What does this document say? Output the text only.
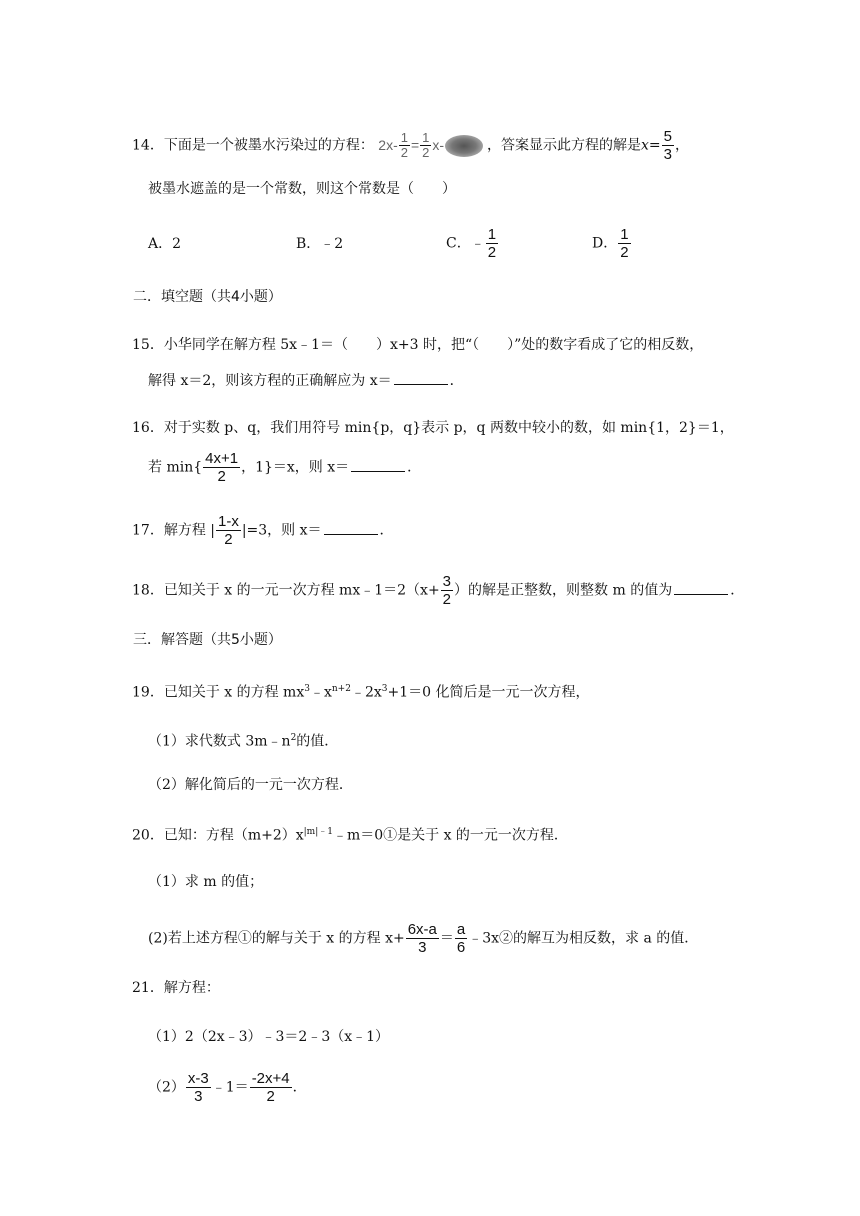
14．下面是一个被墨水污染过的方程： $2x- \frac{1}{2} = \frac{1}{2} x-$	，答案显示此方程的解是$x= \frac{5}{3}$ ，
被墨水遮盖的是一个常数，则这个常数是（　　）
A．2	B．﹣2	C．﹣ $\frac{1}{2}$	D． $\frac{1}{2}$
二．填空题（共4小题）
15．小华同学在解方程 5x﹣1＝（　　）x+3 时，把“（　　）”处的数字看成了它的相反数，
解得 x＝2，则该方程的正确解应为 x＝	．
16．对于实数 p、q，我们用符号 min{p，q}表示 p，q 两数中较小的数，如 min{1，2}＝1，
若 $\min\{ \frac{4x+1}{2}$ ，1}＝x，则 x＝	．
17．解方程 | $\frac{1-x}{2} |=3$，则 x＝	．
18．已知关于 x 的一元一次方程 mx﹣1＝2（x+ $\frac{3}{2}$ ）的解是正整数，则整数 m 的值为	．
三．解答题（共5小题）
19．已知关于 x 的方程 $mx^3﹣x^{n+2}﹣2x^3+1=0$ 化简后是一元一次方程，
（1）求代数式 $3m﹣n^2$的值．
（2）解化简后的一元一次方程．
20．已知：方程$(m+2)x^{|m|﹣1}﹣m=0①$是关于 x 的一元一次方程．
（1）求 m 的值；
(2)若上述方程①的解与关于 x 的方程 $x+ \frac{6x-a}{3} = \frac{a}{6}$ ﹣3x②的解互为相反数，求 a 的值．
21．解方程：
（1）2（2x﹣3）﹣3＝2﹣3（x﹣1）
$(2) \frac{x-3}{3}$ ﹣1＝ $\frac{-2x+4}{2}$ ．
